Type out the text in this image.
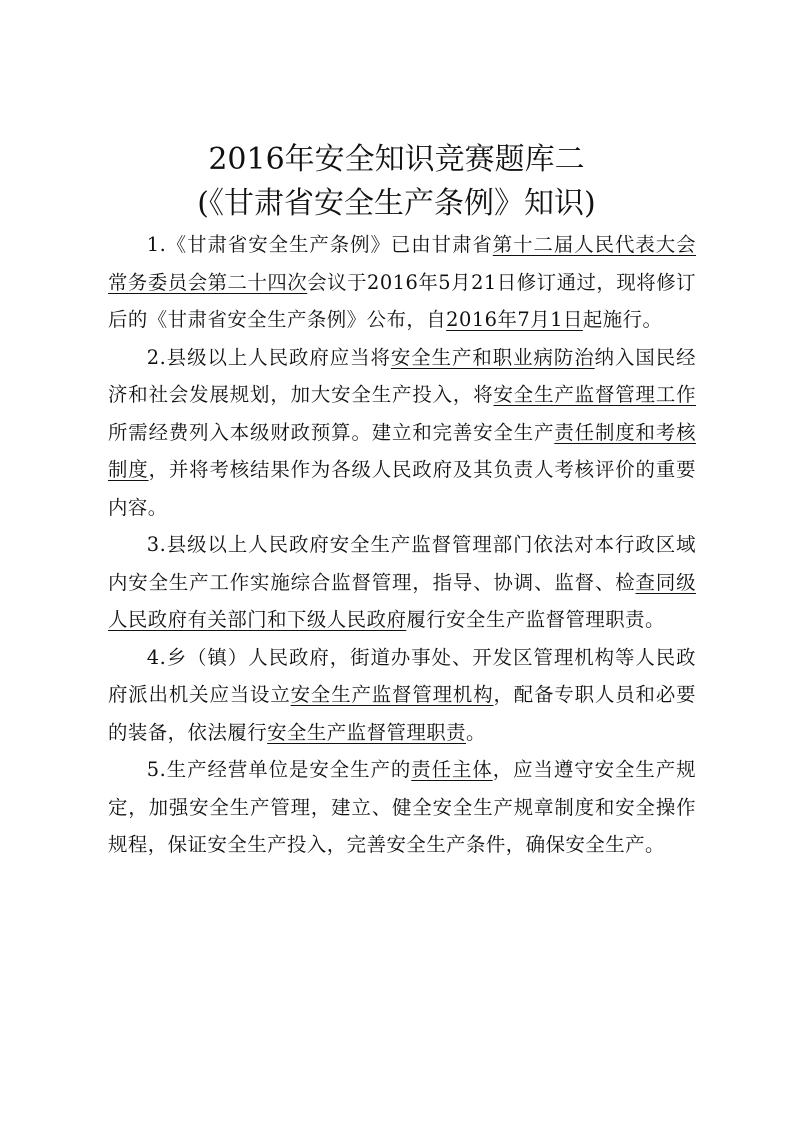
2016年安全知识竞赛题库二
(《甘肃省安全生产条例》知识)

1.《甘肃省安全生产条例》已由甘肃省第十二届人民代表大会常务委员会第二十四次会议于2016年5月21日修订通过，现将修订后的《甘肃省安全生产条例》公布，自2016年7月1日起施行。

2.县级以上人民政府应当将安全生产和职业病防治纳入国民经济和社会发展规划，加大安全生产投入，将安全生产监督管理工作所需经费列入本级财政预算。建立和完善安全生产责任制度和考核制度，并将考核结果作为各级人民政府及其负责人考核评价的重要内容。

3.县级以上人民政府安全生产监督管理部门依法对本行政区域内安全生产工作实施综合监督管理，指导、协调、监督、检查同级人民政府有关部门和下级人民政府履行安全生产监督管理职责。

4.乡（镇）人民政府，街道办事处、开发区管理机构等人民政府派出机关应当设立安全生产监督管理机构，配备专职人员和必要的装备，依法履行安全生产监督管理职责。

5.生产经营单位是安全生产的责任主体，应当遵守安全生产规定，加强安全生产管理，建立、健全安全生产规章制度和安全操作规程，保证安全生产投入，完善安全生产条件，确保安全生产。
